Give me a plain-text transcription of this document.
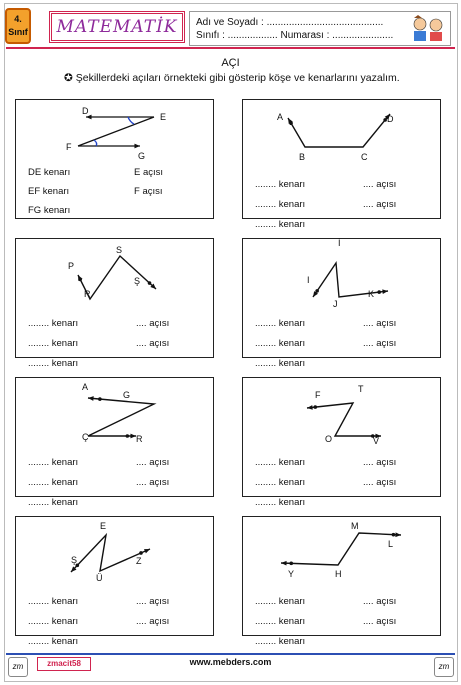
4.
Sınıf MATEMATİK Adı ve Soyadı : ..........................................
Sınıfı : .................. Numarası : ......................
AÇI
✪ Şekillerdeki açıları örnekteki gibi gösterip köşe ve kenarlarını yazalım.
D
E
F
G
DE kenarı	E açısı
EF kenarı	F açısı
FG kenarı
A
B	C
D
........ kenarı	.... açısı
........ kenarı	.... açısı
........ kenarı
P
R
S
Ş
........ kenarı	.... açısı
........ kenarı	.... açısı
........ kenarı
I
J
İ
K
........ kenarı	.... açısı
........ kenarı	.... açısı
........ kenarı
A
G
Ç	R
........ kenarı	.... açısı
........ kenarı	.... açısı
........ kenarı
F
T
O	V
........ kenarı	.... açısı
........ kenarı	.... açısı
........ kenarı
Ş
E
Ü
Z
........ kenarı	.... açısı
........ kenarı	.... açısı
........ kenarı
Y	H
M
L
........ kenarı	.... açısı
........ kenarı	.... açısı
........ kenarı
zm	zmacit58	www.mebders.com	zm
